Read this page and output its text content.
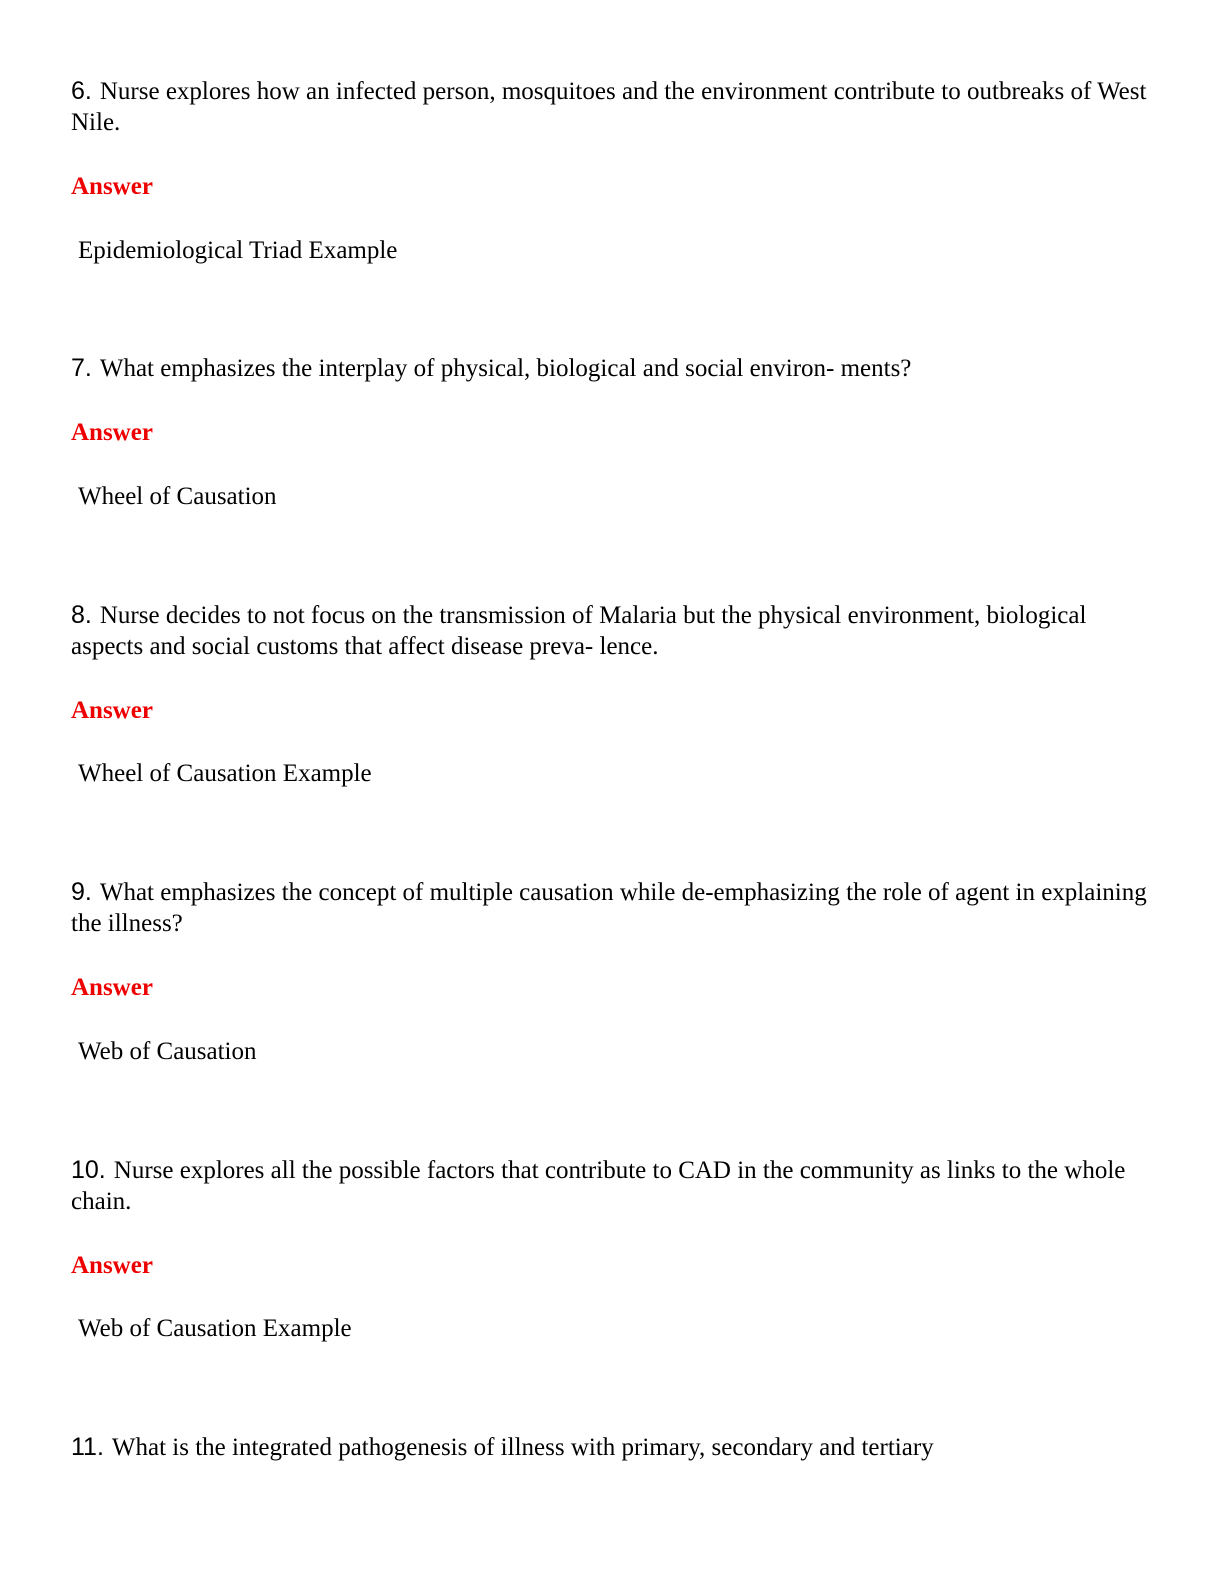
6. Nurse explores how an infected person, mosquitoes and the environment contribute to outbreaks of West Nile.

Answer

Epidemiological Triad Example

7. What emphasizes the interplay of physical, biological and social environ- ments?

Answer

Wheel of Causation

8. Nurse decides to not focus on the transmission of Malaria but the physical environment, biological aspects and social customs that affect disease preva- lence.

Answer

Wheel of Causation Example

9. What emphasizes the concept of multiple causation while de-emphasizing the role of agent in explaining the illness?

Answer

Web of Causation

10. Nurse explores all the possible factors that contribute to CAD in the community as links to the whole chain.

Answer

Web of Causation Example

11. What is the integrated pathogenesis of illness with primary, secondary and tertiary
